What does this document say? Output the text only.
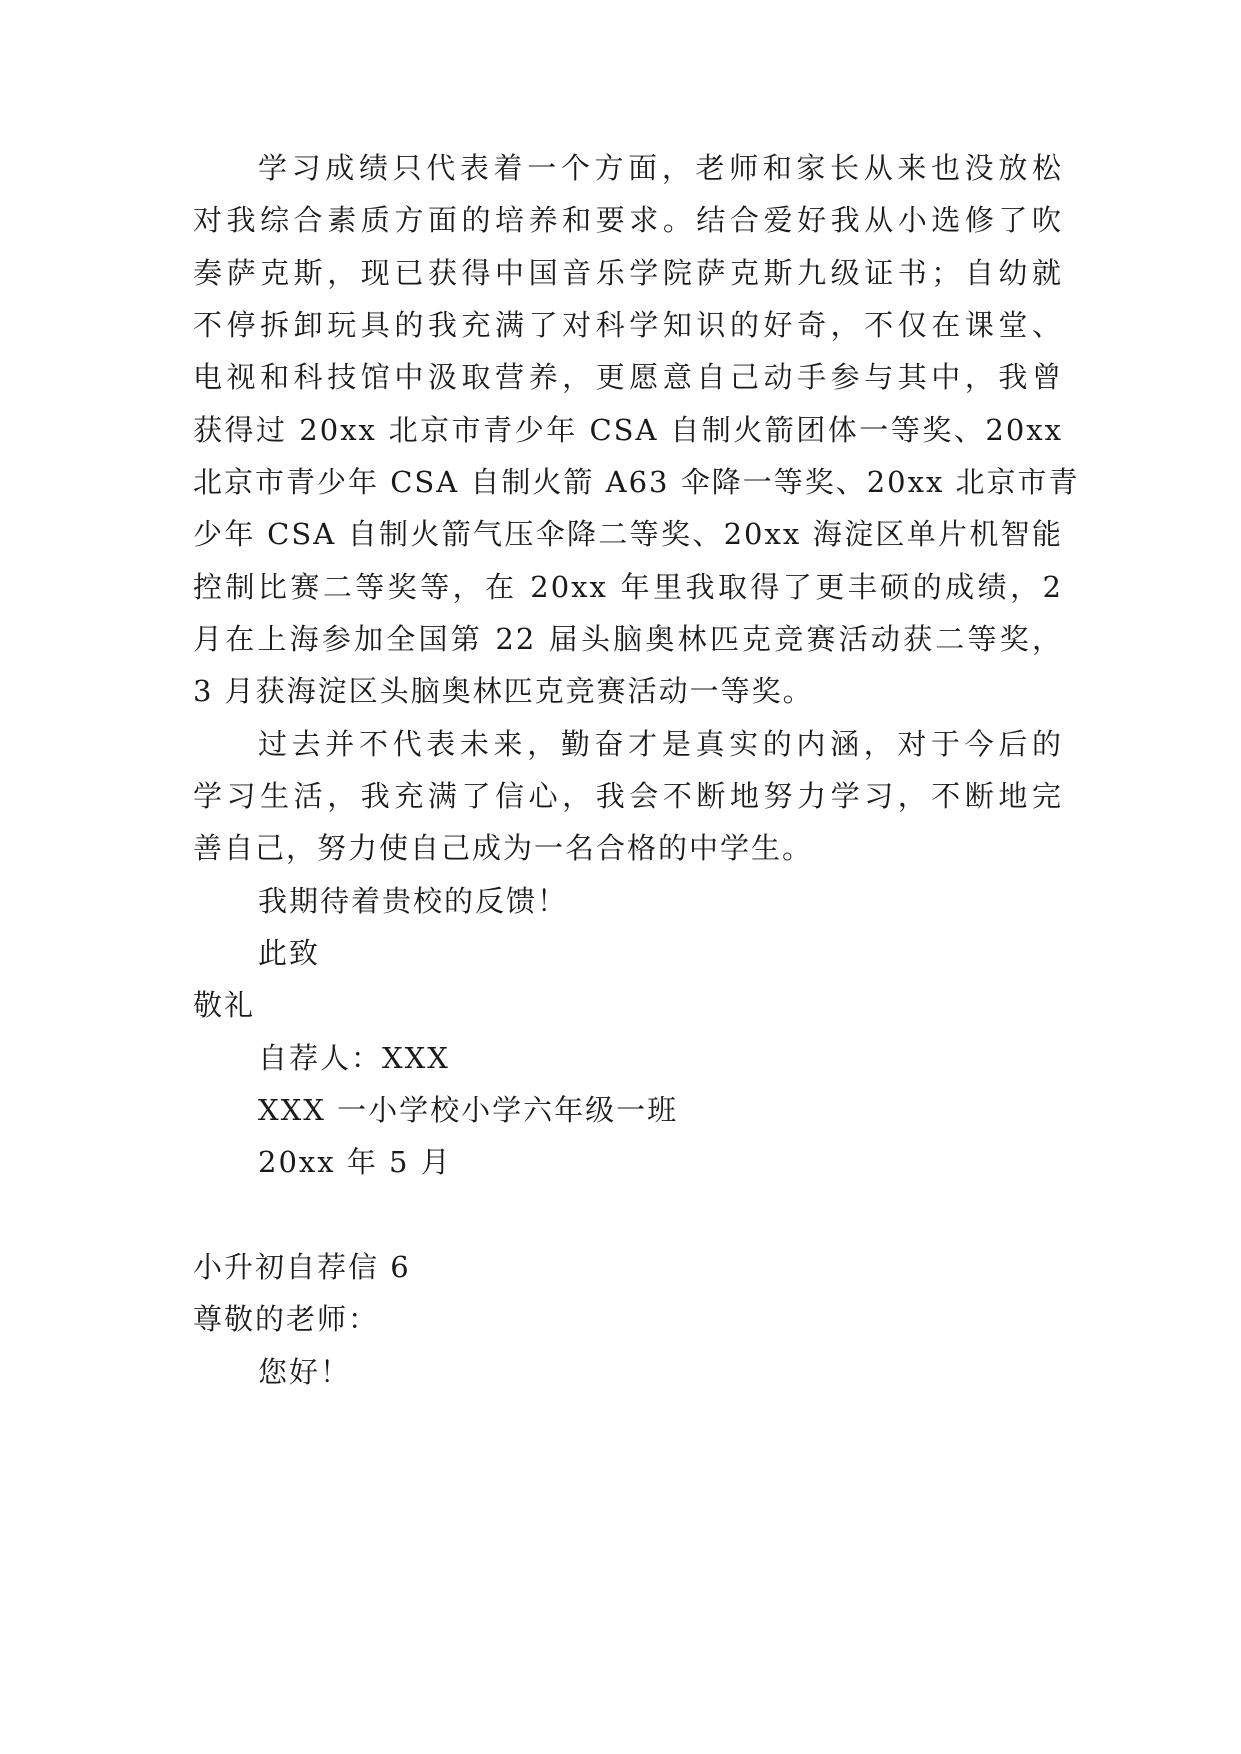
学习成绩只代表着一个方面，老师和家长从来也没放松
对我综合素质方面的培养和要求。结合爱好我从小选修了吹
奏萨克斯，现已获得中国音乐学院萨克斯九级证书；自幼就
不停拆卸玩具的我充满了对科学知识的好奇，不仅在课堂、
电视和科技馆中汲取营养，更愿意自己动手参与其中，我曾
获得过 20xx 北京市青少年 CSA 自制火箭团体一等奖、20xx
北京市青少年 CSA 自制火箭 A63 伞降一等奖、20xx 北京市青
少年 CSA 自制火箭气压伞降二等奖、20xx 海淀区单片机智能
控制比赛二等奖等，在 20xx 年里我取得了更丰硕的成绩，2
月在上海参加全国第 22 届头脑奥林匹克竞赛活动获二等奖，
3 月获海淀区头脑奥林匹克竞赛活动一等奖。
过去并不代表未来，勤奋才是真实的内涵，对于今后的
学习生活，我充满了信心，我会不断地努力学习，不断地完
善自己，努力使自己成为一名合格的中学生。
我期待着贵校的反馈！
此致
敬礼
自荐人：XXX
XXX 一小学校小学六年级一班
20xx 年 5 月
小升初自荐信 6
尊敬的老师：
您好！
